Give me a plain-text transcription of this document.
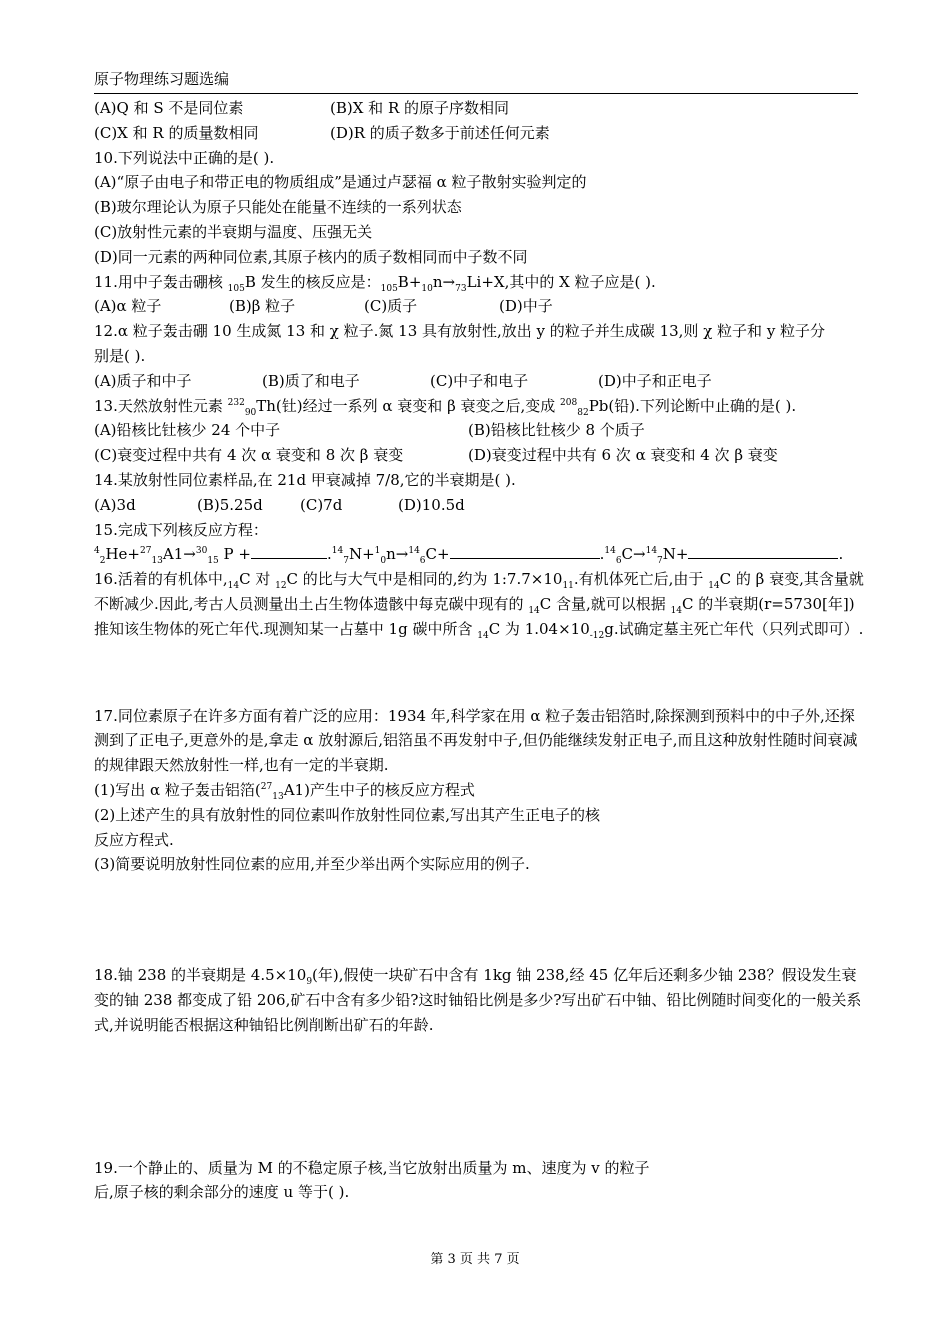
原子物理练习题选编
(A)Q 和 S 不是同位素	(B)X 和 R 的原子序数相同
(C)X 和 R 的质量数相同	(D)R 的质子数多于前述任何元素
10.下列说法中正确的是( ).
(A)“原子由电子和带正电的物质组成”是通过卢瑟福 α 粒子散射实验判定的
(B)玻尔理论认为原子只能处在能量不连续的一系列状态
(C)放射性元素的半衰期与温度、压强无关
(D)同一元素的两种同位素,其原子核内的质子数相同而中子数不同
11.用中子轰击硼核 $_{105}$B 发生的核反应是：$_{105}B+_{10}n\to_{73}Li+X$,其中的 X 粒子应是( ).
(A)α 粒子	(B)β 粒子	(C)质子	(D)中子
12.α 粒子轰击硼 10 生成氮 13 和 χ 粒子.氮 13 具有放射性,放出 y 的粒子并生成碳 13,则 χ 粒子和 y 粒子分
别是( ).
(A)质子和中子	(B)质了和电子	(C)中子和电子	(D)中子和正电子
13.天然放射性元素 $^{232}_{90}$Th(钍)经过一系列 α 衰变和 β 衰变之后,变成 $^{208}_{82}$Pb(铅).下列论断中止确的是( ).
(A)铅核比钍核少 24 个中子	(B)铅核比钍核少 8 个质子
(C)衰变过程中共有 4 次 α 衰变和 8 次 β 衰变	(D)衰变过程中共有 6 次 α 衰变和 4 次 β 衰变
14.某放射性同位素样品,在 21d 甲衰减掉 7/8,它的半衰期是( ).
(A)3d	(B)5.25d (C)7d	(D)10.5d
15.完成下列核反应方程：
$^4_2$He+$^{27}_{13}$A1→$^{30}_{15}$ P +	.$^{14}_7$N+$^1_0$n→$^{14}_6$C+	.$^{14}_6$C→$^{14}_7$N+	.
16.活着的有机体中$,_{14}C$ 对 $_{12}$C 的比与大气中是相同的,约为 $1:7.7\times 10_{11}$.有机体死亡后,由于 $_{14}$C 的 β 衰变,其含量就不断减少.因此,考古人员测量出土占生物体遗骸中每克碳中现有的 $_{14}$C 含量,就可以根据 $_{14}$C 的半衰期(r=5730[年])推知该生物体的死亡年代.现测知某一占墓中 1g 碳中所含 $_{14}$C 为 $1.04\times 10_{-12}g$.试确定墓主死亡年代（只列式即可）.
17.同位素原子在许多方面有着广泛的应用：1934 年,科学家在用 α 粒子轰击铝箔时,除探测到预料中的中子外,还探测到了正电子,更意外的是,拿走 α 放射源后,铝箔虽不再发射中子,但仍能继续发射正电子,而且这种放射性随时间衰减的规律跟天然放射性一样,也有一定的半衰期.
(1)写出 α 粒子轰击铝箔($^{27}_{13}$A1)产生中子的核反应方程式
(2)上述产生的具有放射性的同位素叫作放射性同位素,写出其产生正电子的核
反应方程式.
(3)简要说明放射性同位素的应用,并至少举出两个实际应用的例子.
18.铀 238 的半衰期是 $4.5\times 10_9$(年),假使一块矿石中含有 1kg 铀 238,经 45 亿年后还剩多少铀 238？假设发生衰变的铀 238 都变成了铅 206,矿石中含有多少铅?这时铀铅比例是多少?写出矿石中铀、铅比例随时间变化的一般关系式,并说明能否根据这种铀铅比例削断出矿石的年龄.
19.一个静止的、质量为 M 的不稳定原子核,当它放射出质量为 m、速度为 v 的粒子
后,原子核的剩余部分的速度 u 等于( ).
第 3 页 共 7 页
